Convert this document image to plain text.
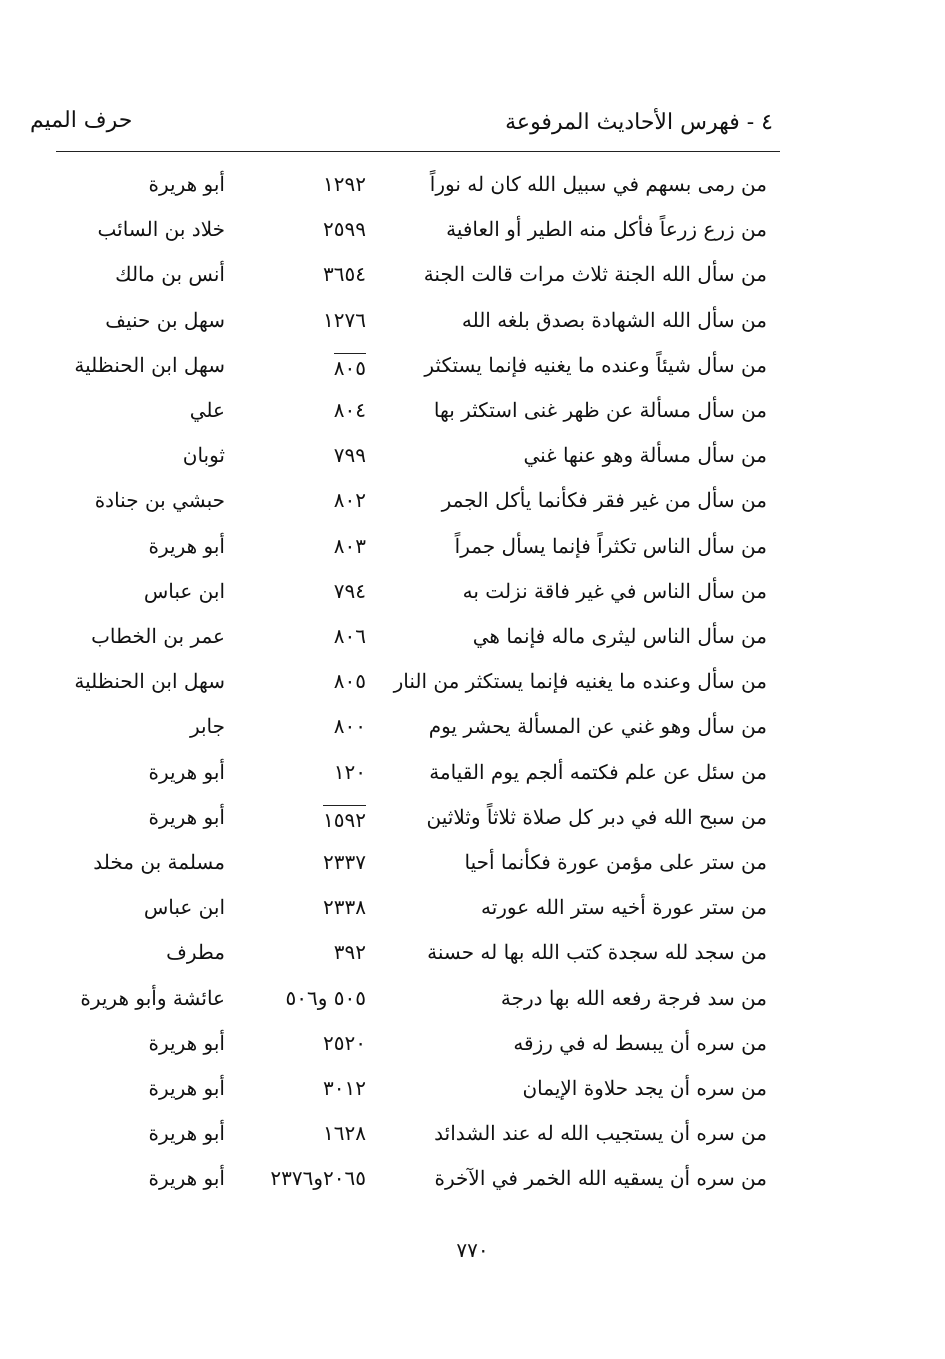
٤ - فهرس الأحاديث المرفوعة
حرف الميم
من رمى بسهم في سبيل الله كان له نوراً
١٢٩٢
أبو هريرة
من زرع زرعاً فأكل منه الطير أو العافية
٢٥٩٩
خلاد بن السائب
من سأل الله الجنة ثلاث مرات قالت الجنة
٣٦٥٤
أنس بن مالك
من سأل الله الشهادة بصدق بلغه الله
١٢٧٦
سهل بن حنيف
من سأل شيئاً وعنده ما يغنيه فإنما يستكثر
٨٠٥
سهل ابن الحنظلية
من سأل مسألة عن ظهر غنى استكثر بها
٨٠٤
علي
من سأل مسألة وهو عنها غني
٧٩٩
ثوبان
من سأل من غير فقر فكأنما يأكل الجمر
٨٠٢
حبشي بن جنادة
من سأل الناس تكثراً فإنما يسأل جمراً
٨٠٣
أبو هريرة
من سأل الناس في غير فاقة نزلت به
٧٩٤
ابن عباس
من سأل الناس ليثرى ماله فإنما هي
٨٠٦
عمر بن الخطاب
من سأل وعنده ما يغنيه فإنما يستكثر من النار
٨٠٥
سهل ابن الحنظلية
من سأل وهو غني عن المسألة يحشر يوم
٨٠٠
جابر
من سئل عن علم فكتمه ألجم يوم القيامة
١٢٠
أبو هريرة
من سبح الله في دبر كل صلاة ثلاثاً وثلاثين
١٥٩٢
أبو هريرة
من ستر على مؤمن عورة فكأنما أحيا
٢٣٣٧
مسلمة بن مخلد
من ستر عورة أخيه ستر الله عورته
٢٣٣٨
ابن عباس
من سجد لله سجدة كتب الله بها له حسنة
٣٩٢
مطرف
من سد فرجة رفعه الله بها درجة
٥٠٥ و٥٠٦
عائشة وأبو هريرة
من سره أن يبسط له في رزقه
٢٥٢٠
أبو هريرة
من سره أن يجد حلاوة الإيمان
٣٠١٢
أبو هريرة
من سره أن يستجيب الله له عند الشدائد
١٦٢٨
أبو هريرة
من سره أن يسقيه الله الخمر في الآخرة
٢٠٦٥و٢٣٧٦
أبو هريرة
٧٧٠
